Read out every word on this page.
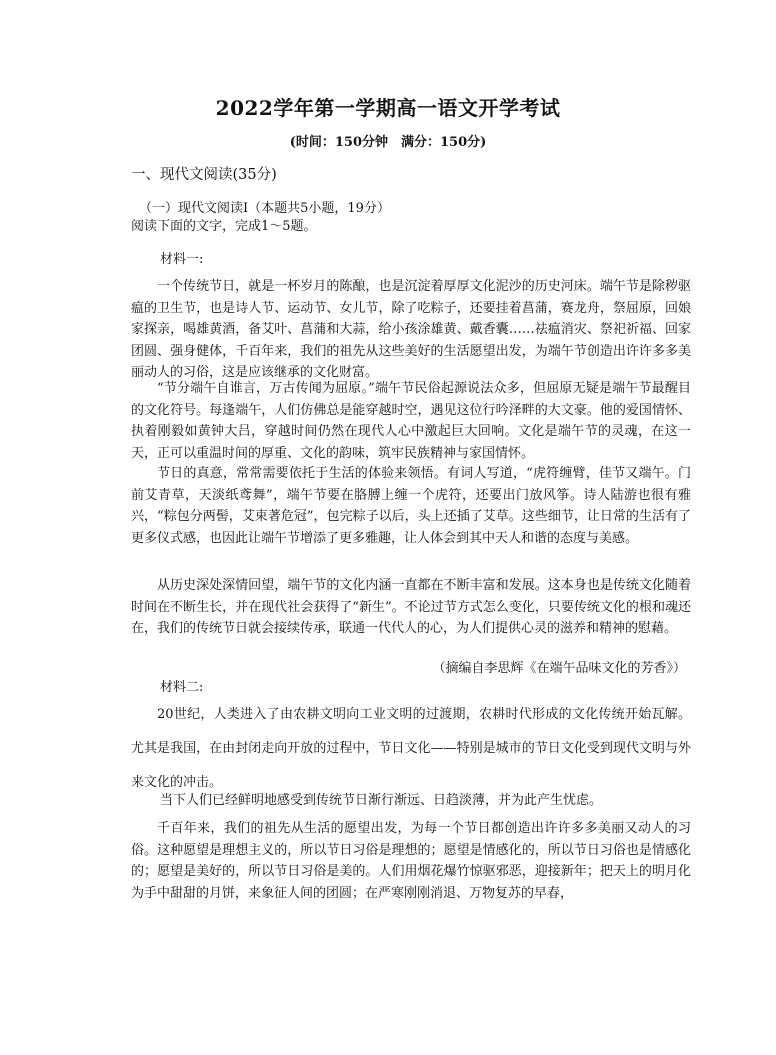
2022学年第一学期高一语文开学考试
(时间：150分钟　满分：150分)
一、现代文阅读(35分)
（一）现代文阅读I（本题共5小题，19分）
阅读下面的文字，完成1～5题。
材料一:

一个传统节日，就是一杯岁月的陈酿，也是沉淀着厚厚文化泥沙的历史河床。端午节是除秽驱瘟的卫生节，也是诗人节、运动节、女儿节，除了吃粽子，还要挂着菖蒲，赛龙舟，祭屈原，回娘家探亲，喝雄黄酒，备艾叶、菖蒲和大蒜，给小孩涂雄黄、戴香囊……祛瘟消灾、祭祀祈福、回家团圆、强身健体，千百年来，我们的祖先从这些美好的生活愿望出发，为端午节创造出许许多多美丽动人的习俗，这是应该继承的文化财富。

“节分端午自谁言，万古传闻为屈原。”端午节民俗起源说法众多，但屈原无疑是端午节最醒目的文化符号。每逢端午，人们仿佛总是能穿越时空，遇见这位行吟泽畔的大文豪。他的爱国情怀、执着刚毅如黄钟大吕，穿越时间仍然在现代人心中激起巨大回响。文化是端午节的灵魂，在这一天，正可以重温时间的厚重、文化的韵味，筑牢民族精神与家国情怀。

节日的真意，常常需要依托于生活的体验来领悟。有词人写道，“虎符缠臂，佳节又端午。门前艾青草，天淡纸鸢舞”，端午节要在胳膊上缠一个虎符，还要出门放风筝。诗人陆游也很有雅兴，“粽包分两髻，艾束著危冠”，包完粽子以后，头上还插了艾草。这些细节，让日常的生活有了更多仪式感，也因此让端午节增添了更多雅趣，让人体会到其中天人和谐的态度与美感。

从历史深处深情回望，端午节的文化内涵一直都在不断丰富和发展。这本身也是传统文化随着时间在不断生长，并在现代社会获得了“新生”。不论过节方式怎么变化，只要传统文化的根和魂还在，我们的传统节日就会接续传承，联通一代代人的心，为人们提供心灵的滋养和精神的慰藉。

（摘编自李思辉《在端午品味文化的芳香》）
材料二:

20世纪，人类进入了由农耕文明向工业文明的过渡期，农耕时代形成的文化传统开始瓦解。尤其是我国，在由封闭走向开放的过程中，节日文化——特别是城市的节日文化受到现代文明与外来文化的冲击。

当下人们已经鲜明地感受到传统节日渐行渐远、日趋淡薄，并为此产生忧虑。

千百年来，我们的祖先从生活的愿望出发，为每一个节日都创造出许许多多美丽又动人的习俗。这种愿望是理想主义的，所以节日习俗是理想的；愿望是情感化的，所以节日习俗也是情感化的；愿望是美好的，所以节日习俗是美的。人们用烟花爆竹惊驱邪恶，迎接新年；把天上的明月化为手中甜甜的月饼，来象征人间的团圆；在严寒刚刚消退、万物复苏的早春，
